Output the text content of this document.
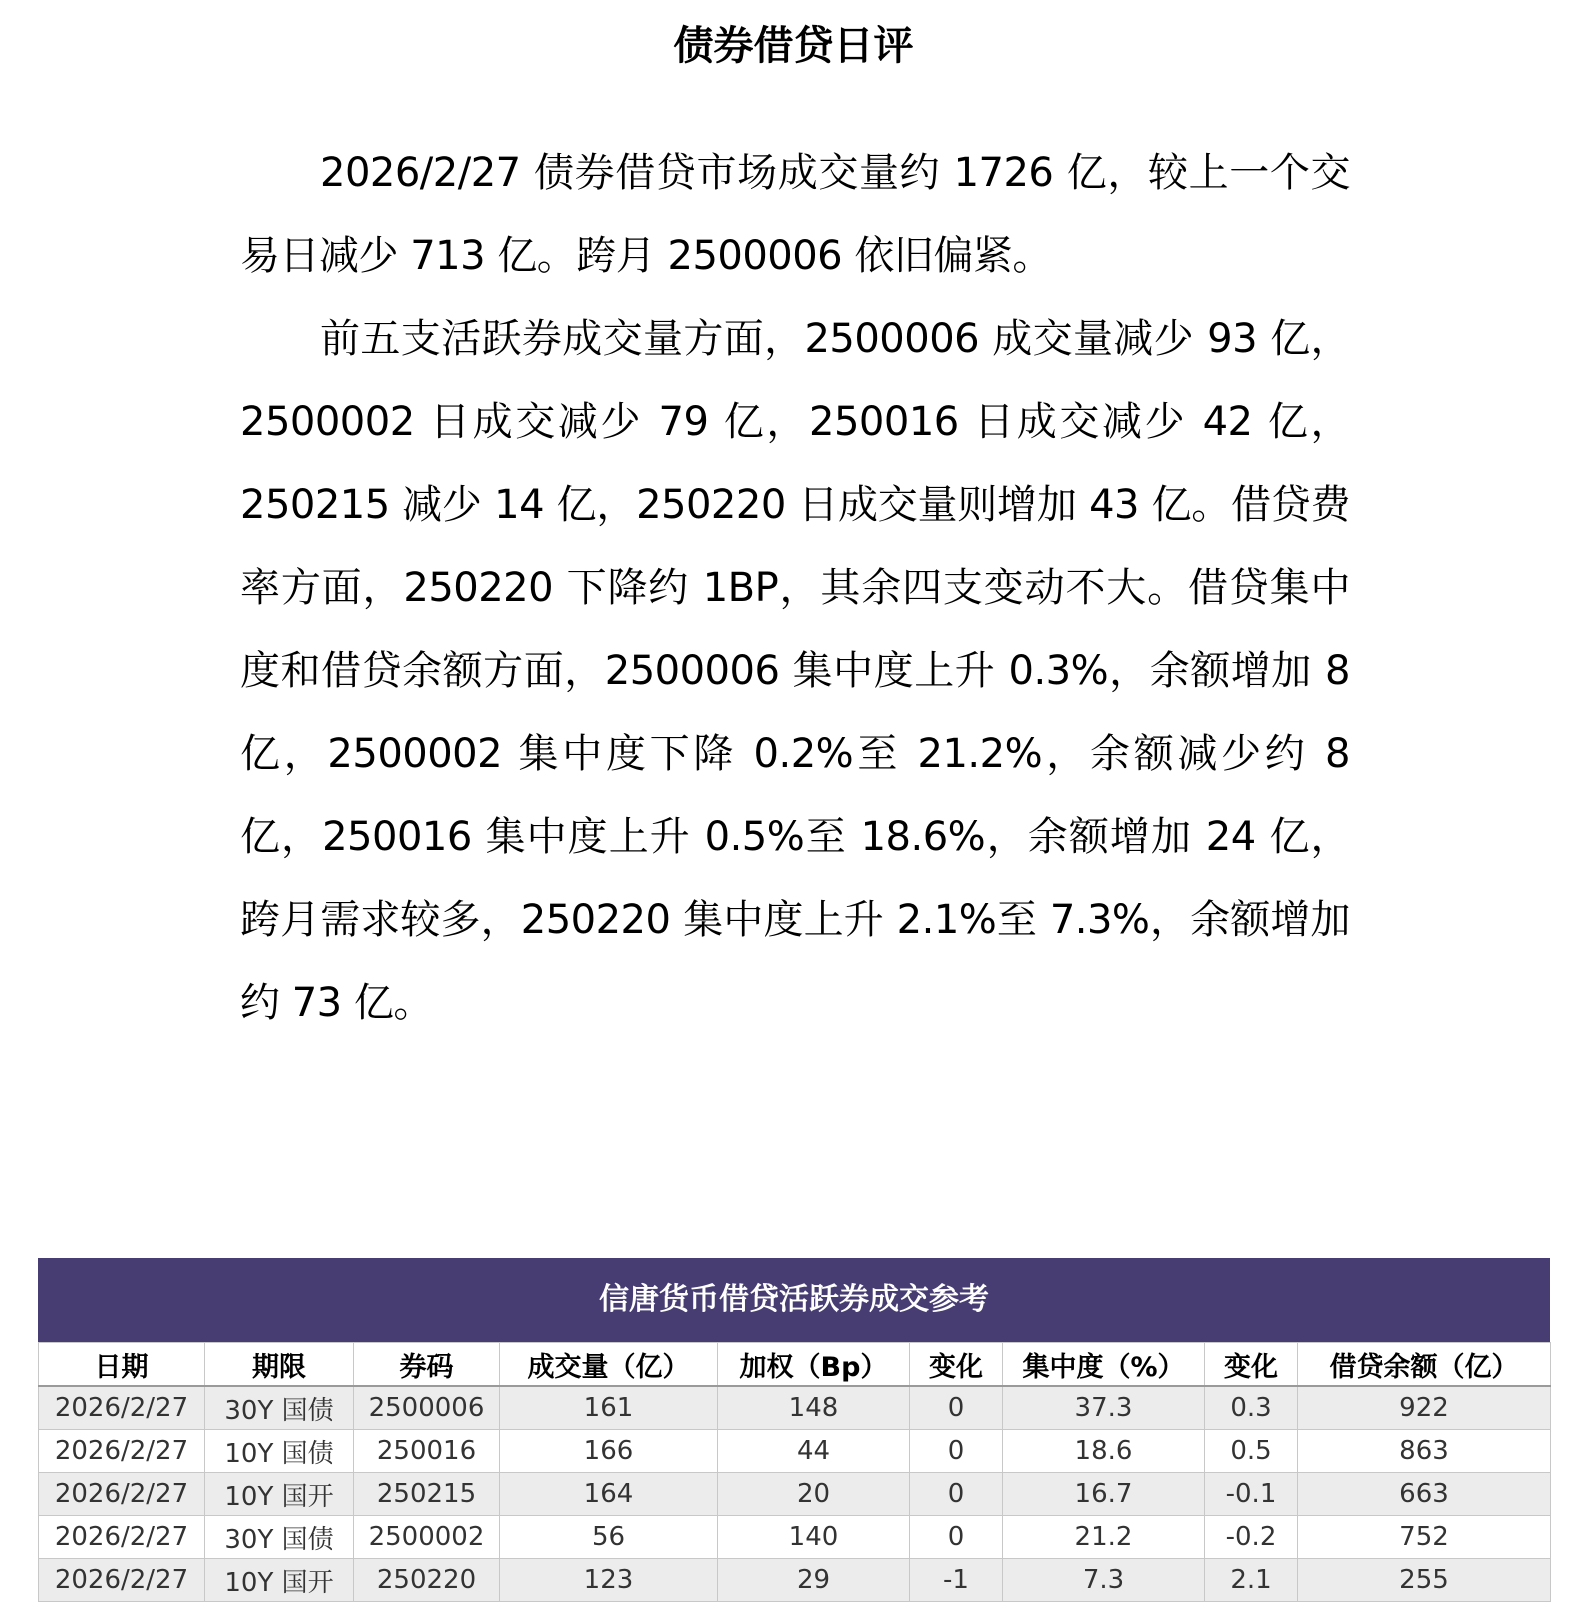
债券借贷日评

2026/2/27 债券借贷市场成交量约 1726 亿，较上一个交易日减少 713 亿。跨月 2500006 依旧偏紧。

前五支活跃券成交量方面，2500006 成交量减少 93 亿，2500002 日成交减少 79 亿，250016 日成交减少 42 亿，250215 减少 14 亿，250220 日成交量则增加 43 亿。借贷费率方面，250220 下降约 1BP，其余四支变动不大。借贷集中度和借贷余额方面，2500006 集中度上升 0.3%，余额增加 8 亿，2500002 集中度下降 0.2%至 21.2%，余额减少约 8 亿，250016 集中度上升 0.5%至 18.6%，余额增加 24 亿，跨月需求较多，250220 集中度上升 2.1%至 7.3%，余额增加约 73 亿。

信唐货币借贷活跃券成交参考
日期	期限	券码	成交量（亿）	加权（Bp）	变化	集中度（%）	变化	借贷余额（亿）
2026/2/27	30Y 国债	2500006	161	148	0	37.3	0.3	922
2026/2/27	10Y 国债	250016	166	44	0	18.6	0.5	863
2026/2/27	10Y 国开	250215	164	20	0	16.7	-0.1	663
2026/2/27	30Y 国债	2500002	56	140	0	21.2	-0.2	752
2026/2/27	10Y 国开	250220	123	29	-1	7.3	2.1	255
